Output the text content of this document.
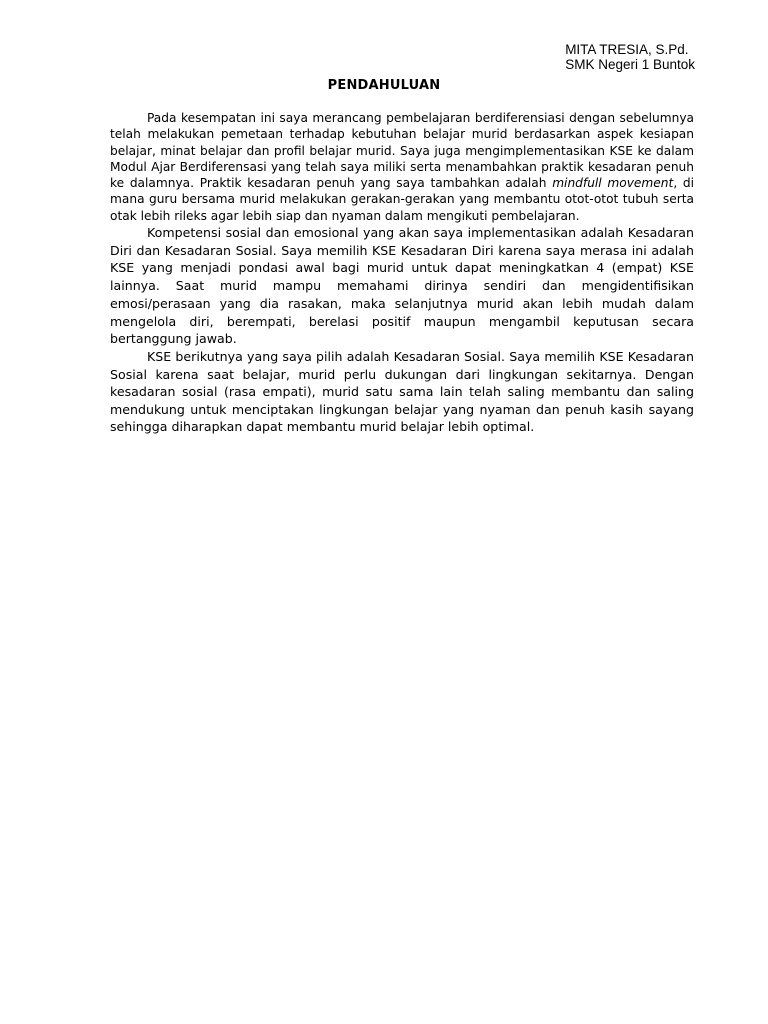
MITA TRESIA, S.Pd.
SMK Negeri 1 Buntok
PENDAHULUAN

Pada kesempatan ini saya merancang pembelajaran berdiferensiasi dengan sebelumnya telah melakukan pemetaan terhadap kebutuhan belajar murid berdasarkan aspek kesiapan belajar, minat belajar dan profil belajar murid. Saya juga mengimplementasikan KSE ke dalam Modul Ajar Berdiferensasi yang telah saya miliki serta menambahkan praktik kesadaran penuh ke dalamnya. Praktik kesadaran penuh yang saya tambahkan adalah mindfull movement, di mana guru bersama murid melakukan gerakan-gerakan yang membantu otot-otot tubuh serta otak lebih rileks agar lebih siap dan nyaman dalam mengikuti pembelajaran.

Kompetensi sosial dan emosional yang akan saya implementasikan adalah Kesadaran Diri dan Kesadaran Sosial. Saya memilih KSE Kesadaran Diri karena saya merasa ini adalah KSE yang menjadi pondasi awal bagi murid untuk dapat meningkatkan 4 (empat) KSE lainnya. Saat murid mampu memahami dirinya sendiri dan mengidentifisikan emosi/perasaan yang dia rasakan, maka selanjutnya murid akan lebih mudah dalam mengelola diri, berempati, berelasi positif maupun mengambil keputusan secara bertanggung jawab.

KSE berikutnya yang saya pilih adalah Kesadaran Sosial. Saya memilih KSE Kesadaran Sosial karena saat belajar, murid perlu dukungan dari lingkungan sekitarnya. Dengan kesadaran sosial (rasa empati), murid satu sama lain telah saling membantu dan saling mendukung untuk menciptakan lingkungan belajar yang nyaman dan penuh kasih sayang sehingga diharapkan dapat membantu murid belajar lebih optimal.
